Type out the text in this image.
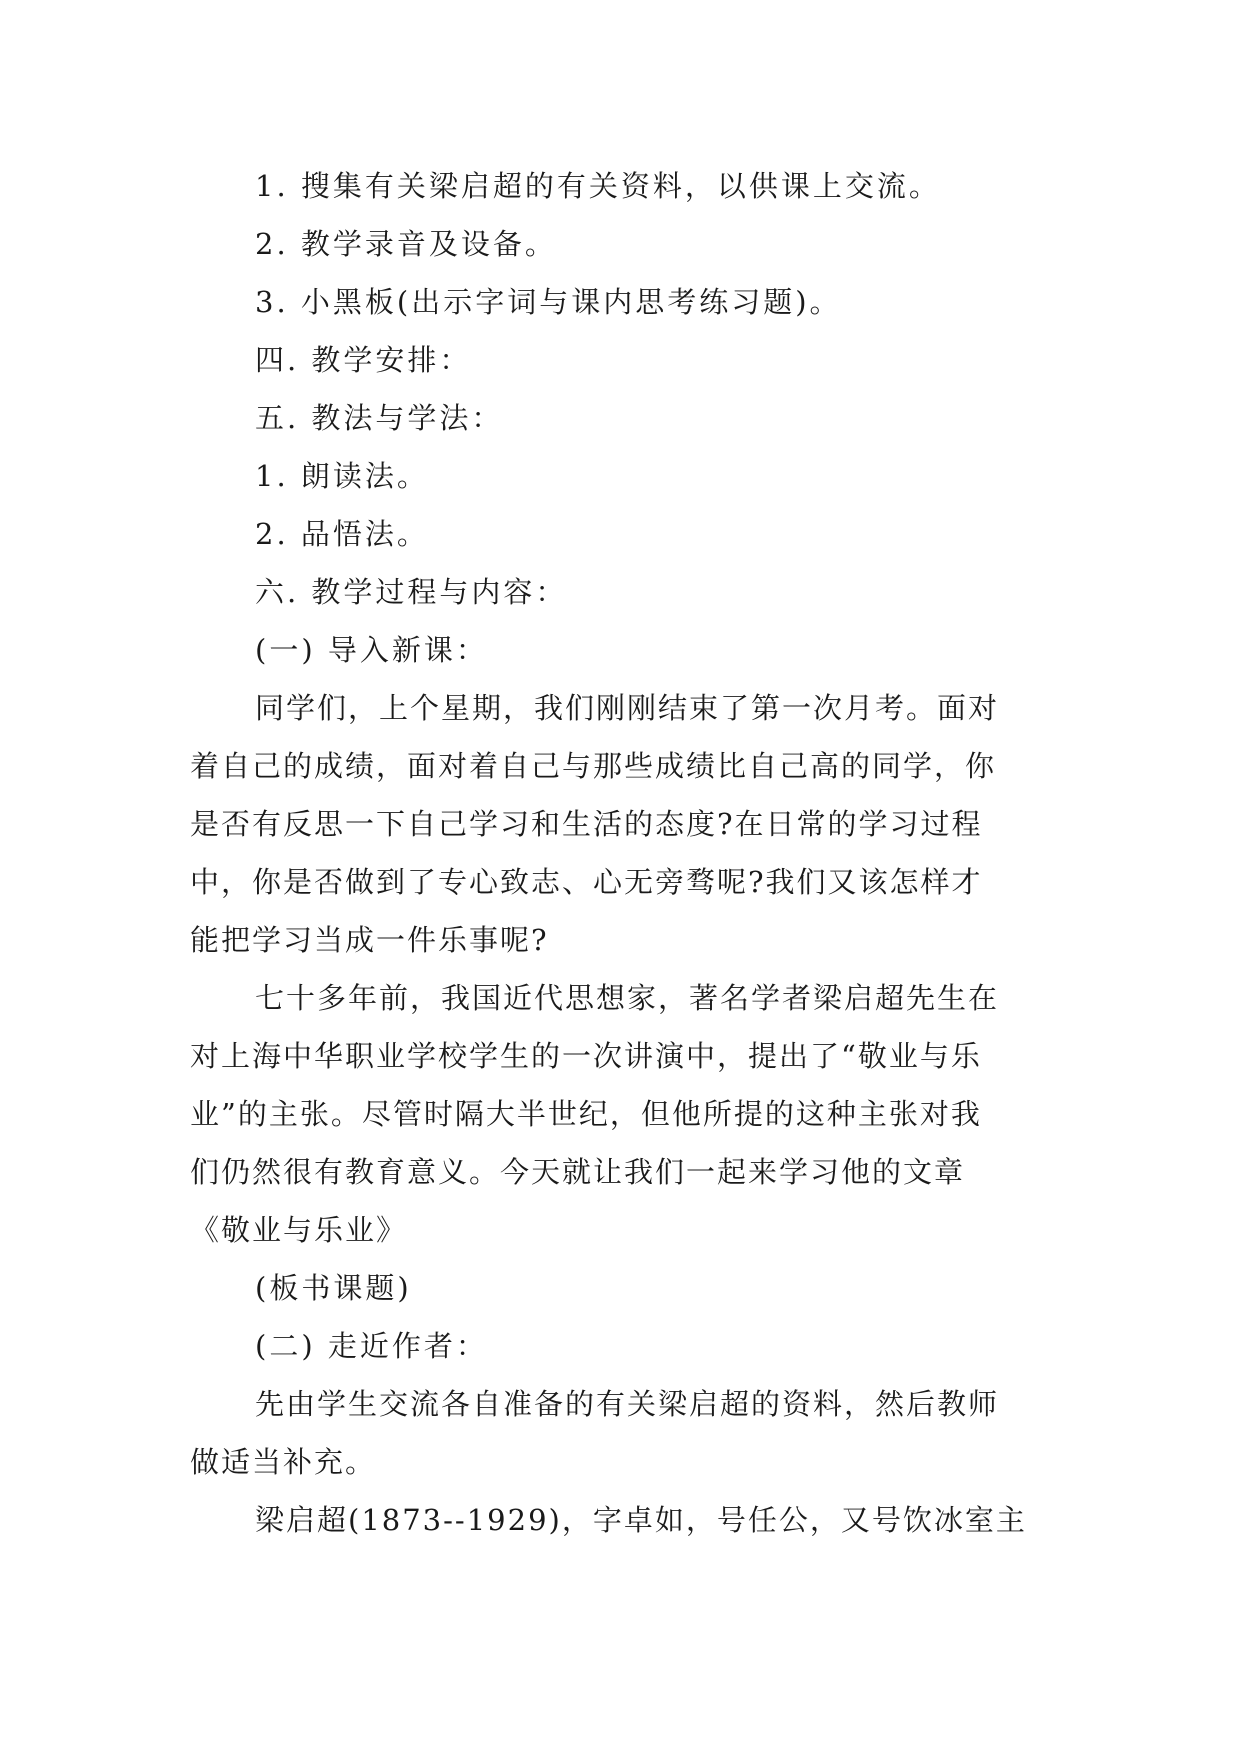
1. 搜集有关梁启超的有关资料，以供课上交流。
2. 教学录音及设备。
3. 小黑板(出示字词与课内思考练习题)。
四. 教学安排：
五. 教法与学法：
1. 朗读法。
2. 品悟法。
六. 教学过程与内容：
(一) 导入新课：
同学们，上个星期，我们刚刚结束了第一次月考。面对
着自己的成绩，面对着自己与那些成绩比自己高的同学，你
是否有反思一下自己学习和生活的态度?在日常的学习过程
中，你是否做到了专心致志、心无旁骛呢?我们又该怎样才
能把学习当成一件乐事呢?
七十多年前，我国近代思想家，著名学者梁启超先生在
对上海中华职业学校学生的一次讲演中，提出了“敬业与乐
业”的主张。尽管时隔大半世纪，但他所提的这种主张对我
们仍然很有教育意义。今天就让我们一起来学习他的文章
《敬业与乐业》
(板书课题)
(二) 走近作者：
先由学生交流各自准备的有关梁启超的资料，然后教师
做适当补充。
梁启超(1873--1929)，字卓如，号任公，又号饮冰室主
